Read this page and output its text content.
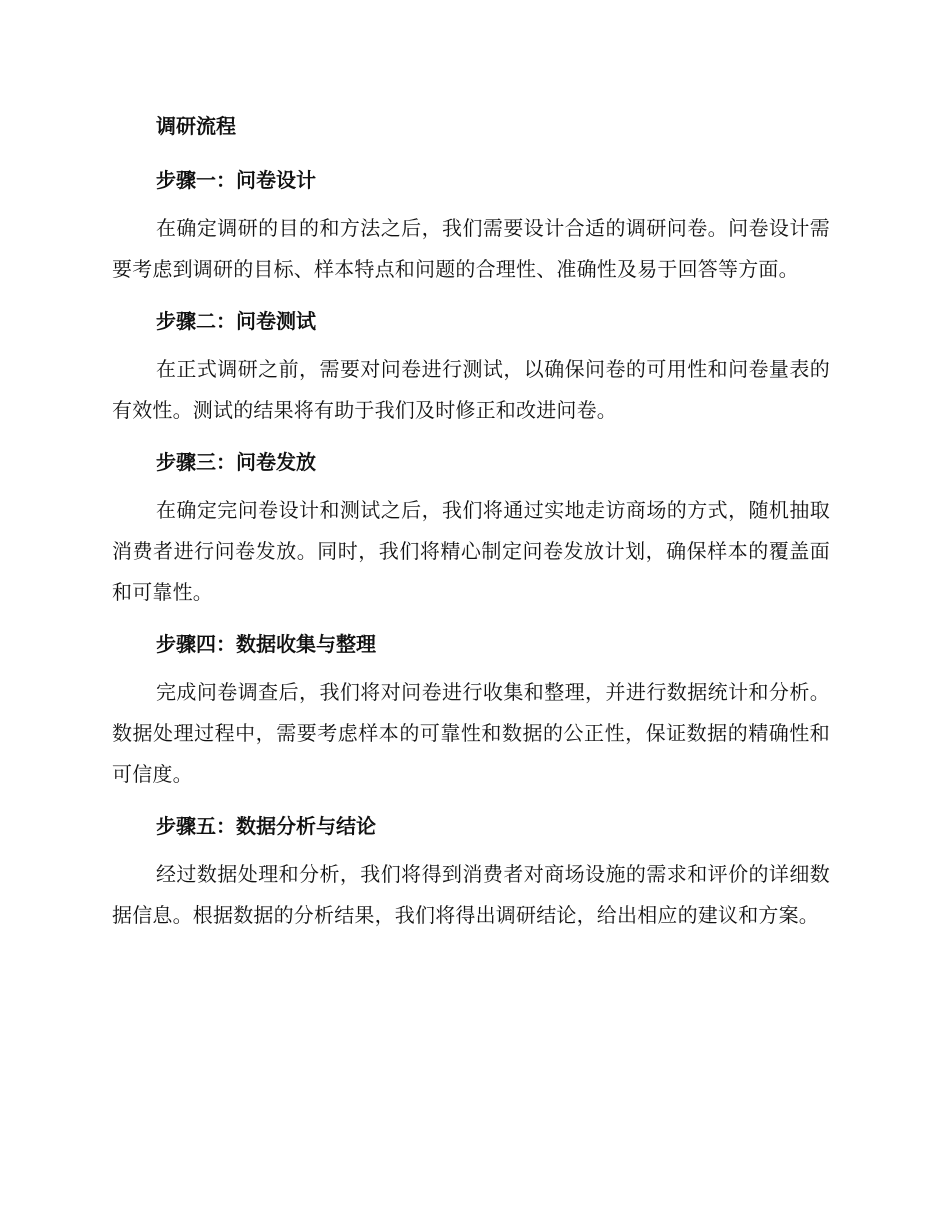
调研流程
步骤一：问卷设计

在确定调研的目的和方法之后，我们需要设计合适的调研问卷。问卷设计需要考虑到调研的目标、样本特点和问题的合理性、准确性及易于回答等方面。

步骤二：问卷测试

在正式调研之前，需要对问卷进行测试，以确保问卷的可用性和问卷量表的有效性。测试的结果将有助于我们及时修正和改进问卷。

步骤三：问卷发放

在确定完问卷设计和测试之后，我们将通过实地走访商场的方式，随机抽取消费者进行问卷发放。同时，我们将精心制定问卷发放计划，确保样本的覆盖面和可靠性。

步骤四：数据收集与整理

完成问卷调查后，我们将对问卷进行收集和整理，并进行数据统计和分析。数据处理过程中，需要考虑样本的可靠性和数据的公正性，保证数据的精确性和可信度。

步骤五：数据分析与结论

经过数据处理和分析，我们将得到消费者对商场设施的需求和评价的详细数据信息。根据数据的分析结果，我们将得出调研结论，给出相应的建议和方案。
